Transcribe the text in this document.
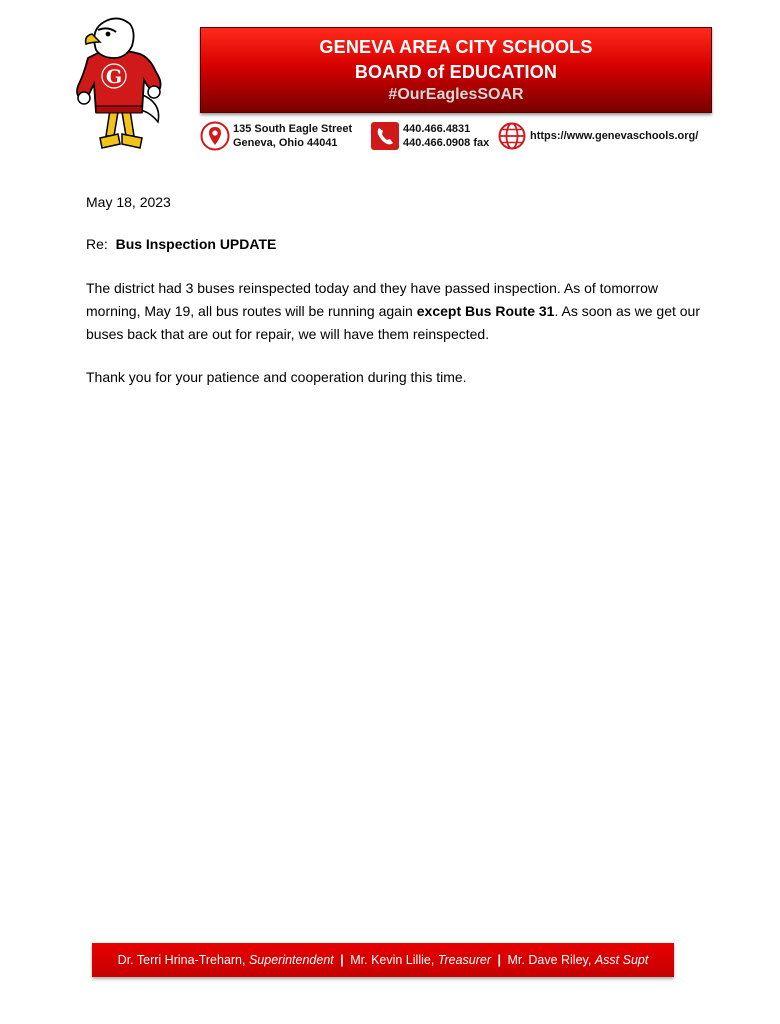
G
GENEVA AREA CITY SCHOOLS
BOARD of EDUCATION
#OurEaglesSOAR
135 South Eagle Street
Geneva, Ohio 44041
440.466.4831
440.466.0908 fax
https://www.genevaschools.org/
May 18, 2023
Re: Bus Inspection UPDATE
The district had 3 buses reinspected today and they have passed inspection. As of tomorrow morning, May 19, all bus routes will be running again except Bus Route 31. As soon as we get our buses back that are out for repair, we will have them reinspected.
Thank you for your patience and cooperation during this time.
Dr. Terri Hrina-Treharn, Superintendent | Mr. Kevin Lillie, Treasurer | Mr. Dave Riley, Asst Supt
